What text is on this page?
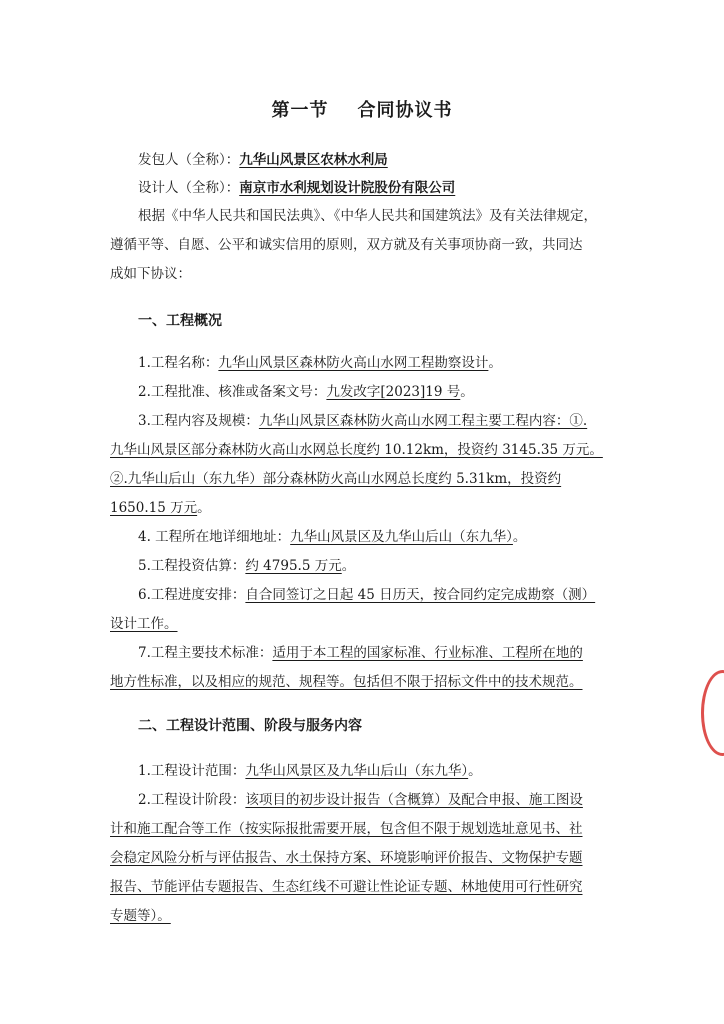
第一节    合同协议书
发包人（全称）：九华山风景区农林水利局
设计人（全称）：南京市水利规划设计院股份有限公司
根据《中华人民共和国民法典》、《中华人民共和国建筑法》及有关法律规定，
遵循平等、自愿、公平和诚实信用的原则，双方就及有关事项协商一致，共同达
成如下协议：
一、工程概况
1.工程名称：九华山风景区森林防火高山水网工程勘察设计。
2.工程批准、核准或备案文号：九发改字[2023]19 号。
3.工程内容及规模：九华山风景区森林防火高山水网工程主要工程内容：①.
九华山风景区部分森林防火高山水网总长度约 10.12km，投资约 3145.35 万元。
②.九华山后山（东九华）部分森林防火高山水网总长度约 5.31km，投资约
1650.15 万元。
4. 工程所在地详细地址：九华山风景区及九华山后山（东九华）。
5.工程投资估算：约 4795.5 万元。
6.工程进度安排：自合同签订之日起 45 日历天，按合同约定完成勘察（测）
设计工作。
7.工程主要技术标准：适用于本工程的国家标准、行业标准、工程所在地的
地方性标准，以及相应的规范、规程等。包括但不限于招标文件中的技术规范。
二、工程设计范围、阶段与服务内容
1.工程设计范围：九华山风景区及九华山后山（东九华）。
2.工程设计阶段：该项目的初步设计报告（含概算）及配合申报、施工图设
计和施工配合等工作（按实际报批需要开展，包含但不限于规划选址意见书、社
会稳定风险分析与评估报告、水土保持方案、环境影响评价报告、文物保护专题
报告、节能评估专题报告、生态红线不可避让性论证专题、林地使用可行性研究
专题等）。
